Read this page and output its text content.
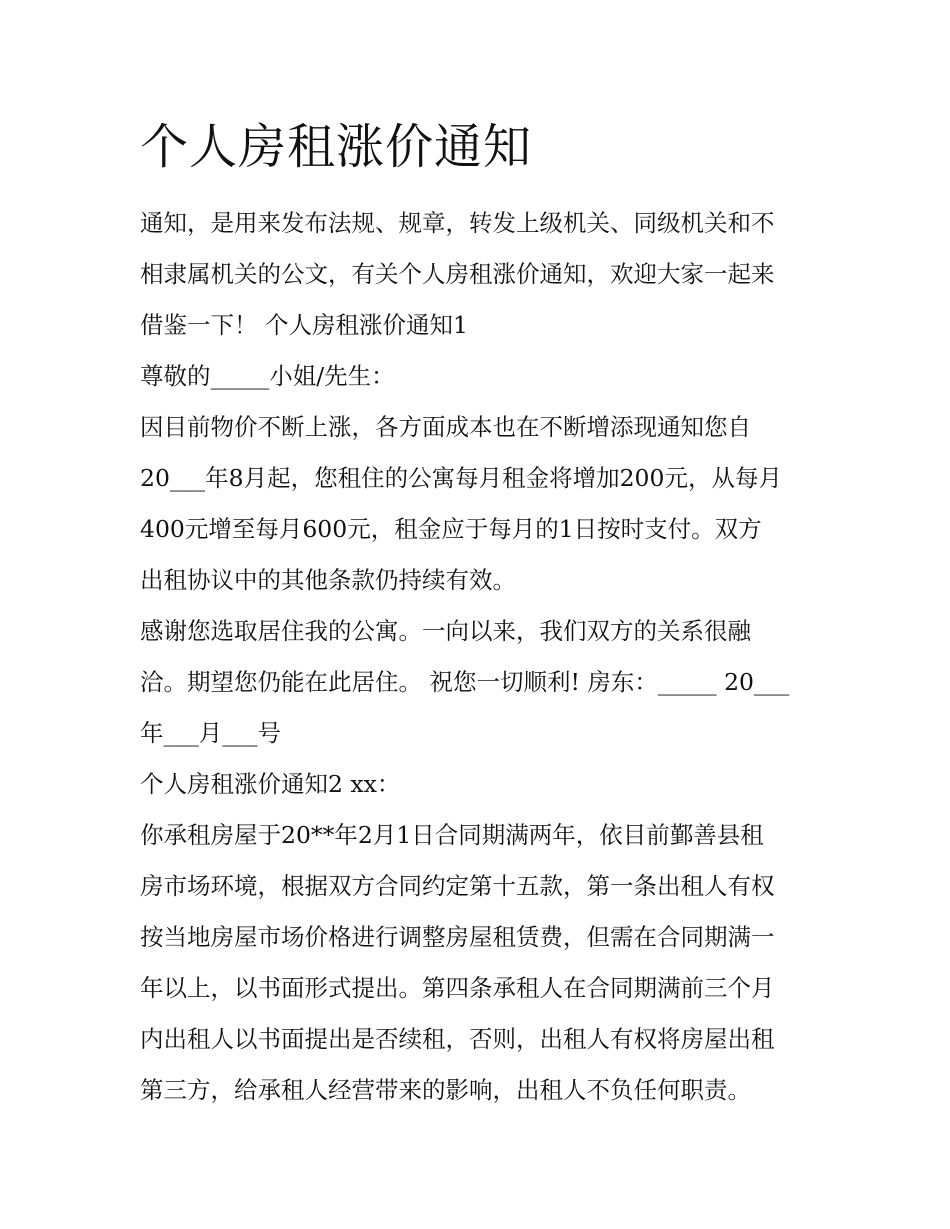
个人房租涨价通知
通知，是用来发布法规、规章，转发上级机关、同级机关和不
相隶属机关的公文，有关个人房租涨价通知，欢迎大家一起来
借鉴一下！ 个人房租涨价通知1
尊敬的_____小姐/先生：
因目前物价不断上涨，各方面成本也在不断增添现通知您自
20___年8月起，您租住的公寓每月租金将增加200元，从每月
400元增至每月600元，租金应于每月的1日按时支付。双方
出租协议中的其他条款仍持续有效。
感谢您选取居住我的公寓。一向以来，我们双方的关系很融
洽。期望您仍能在此居住。 祝您一切顺利! 房东：_____ 20___
年___月___号
个人房租涨价通知2 xx：
你承租房屋于20**年2月1日合同期满两年，依目前鄞善县租
房市场环境，根据双方合同约定第十五款，第一条出租人有权
按当地房屋市场价格进行调整房屋租赁费，但需在合同期满一
年以上，以书面形式提出。第四条承租人在合同期满前三个月
内出租人以书面提出是否续租，否则，出租人有权将房屋出租
第三方，给承租人经营带来的影响，出租人不负任何职责。
